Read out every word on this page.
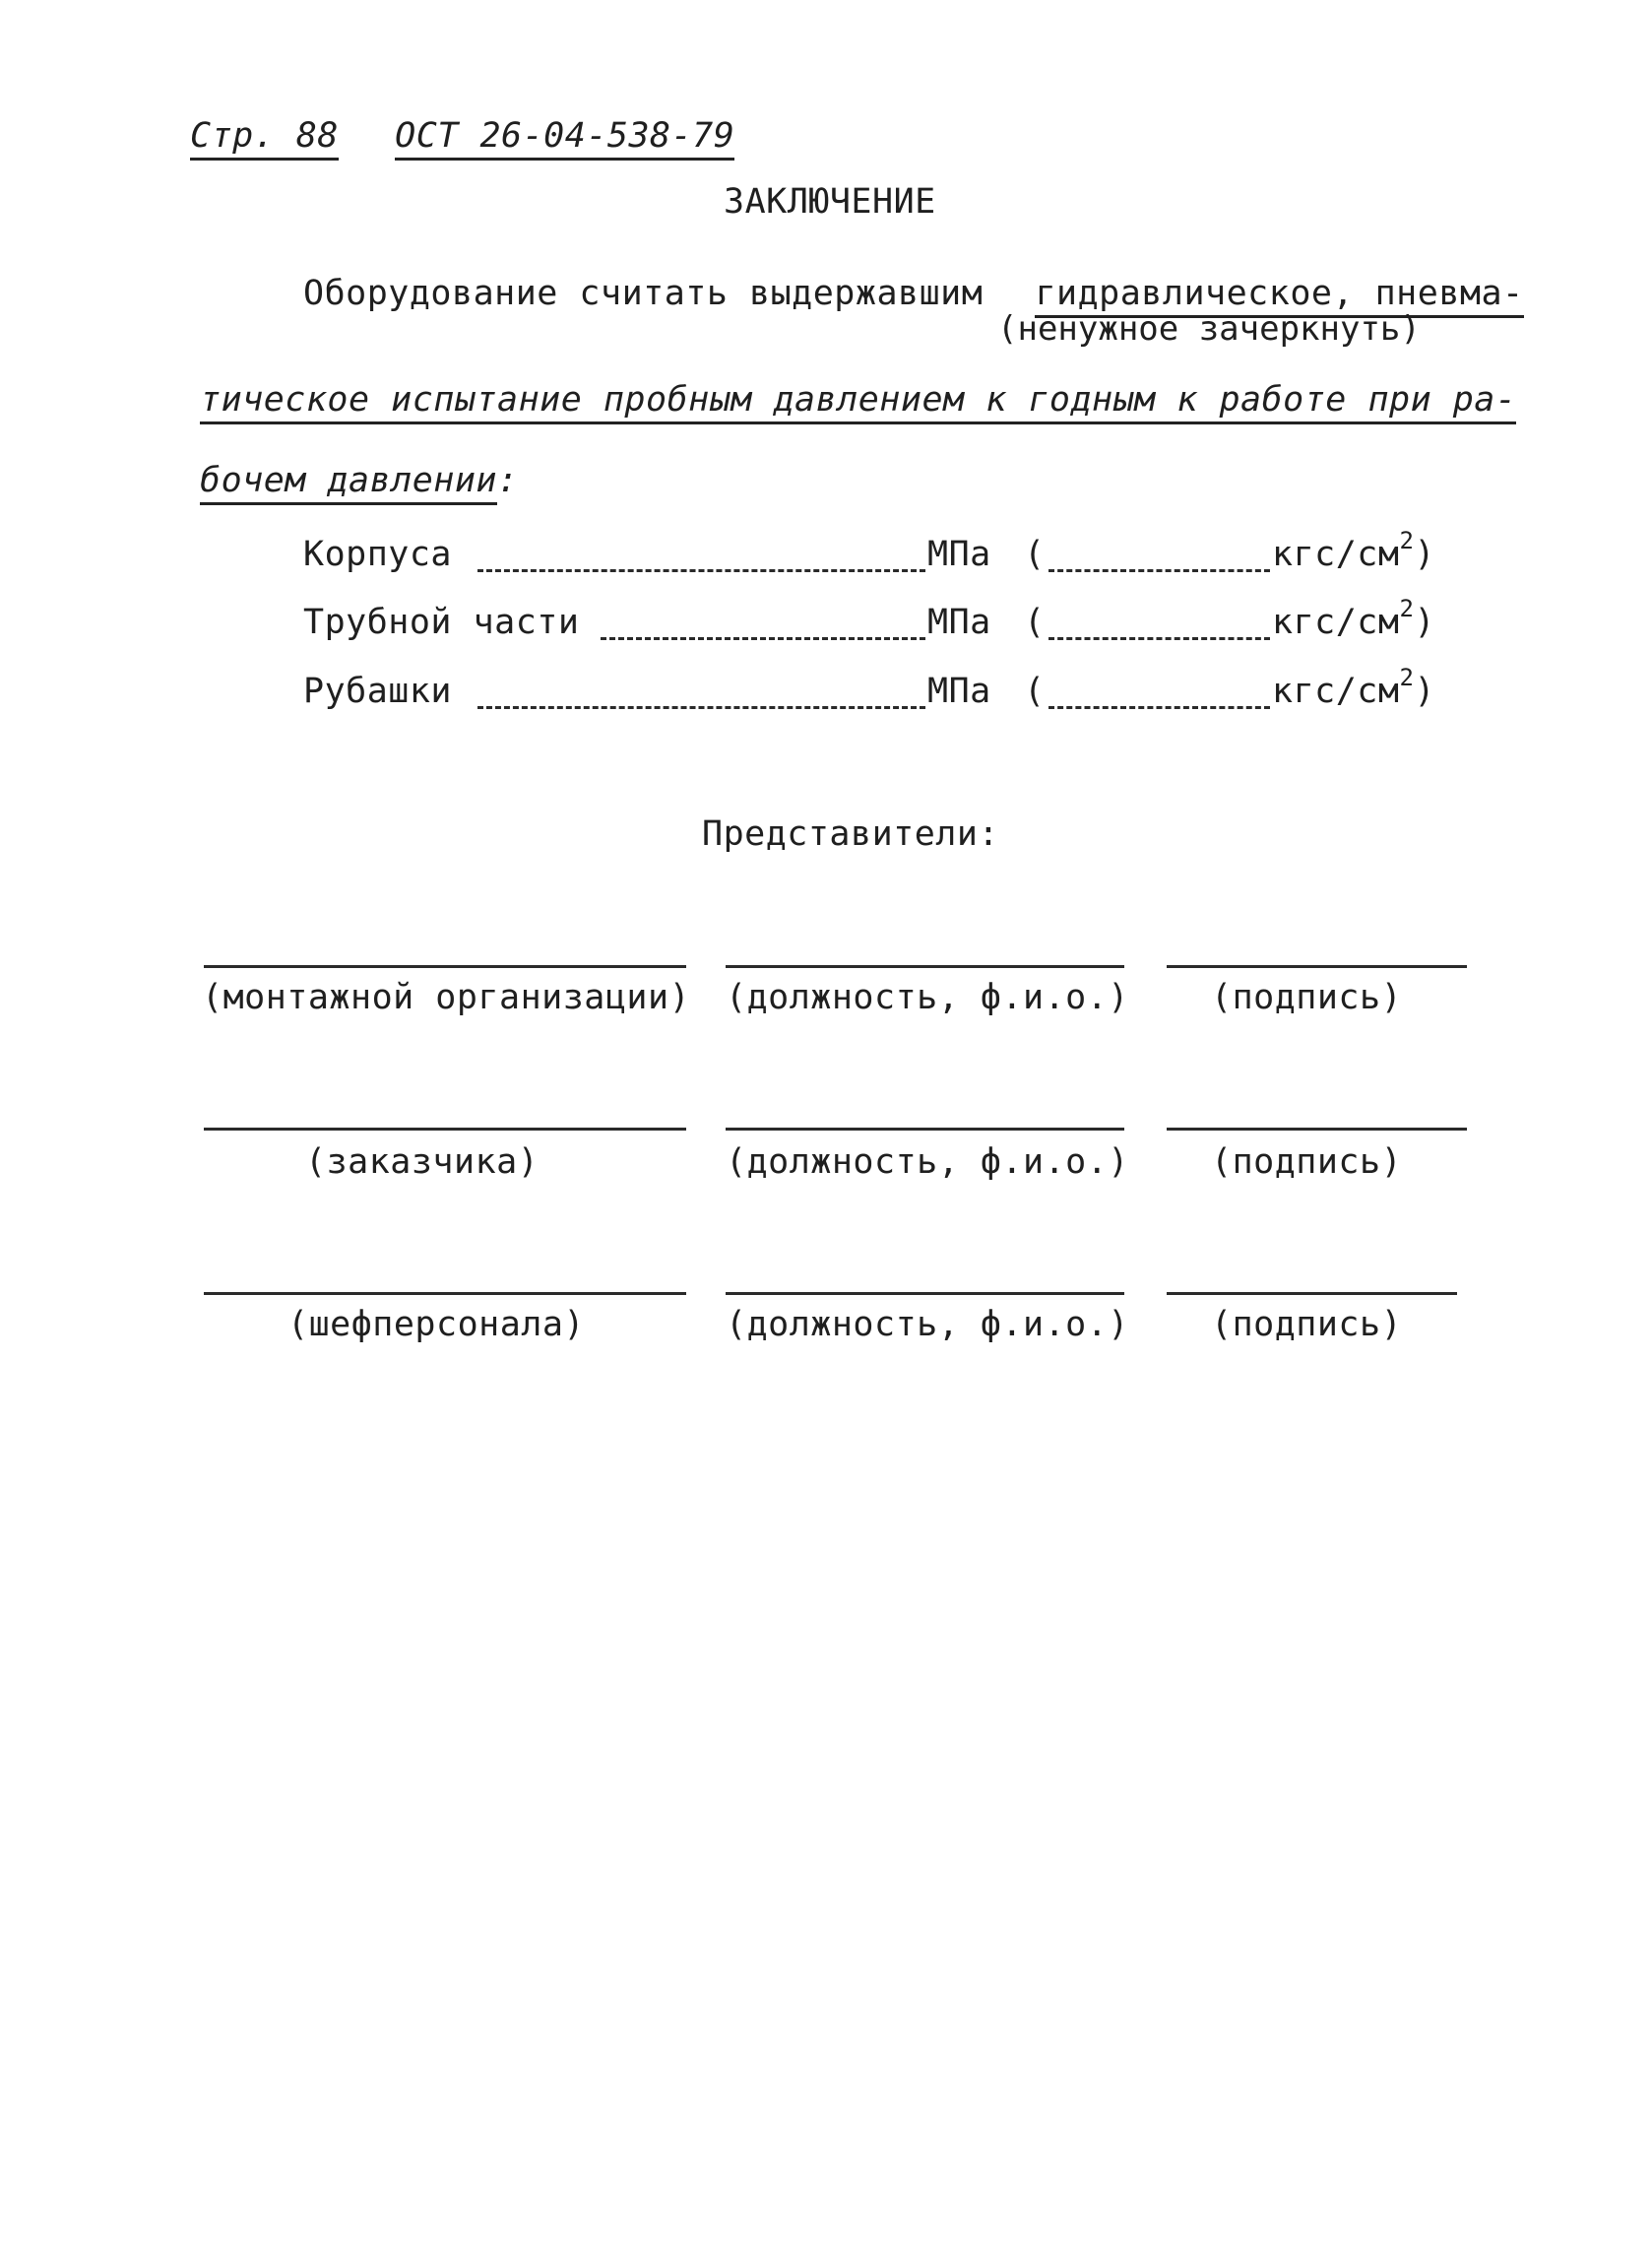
Стр. 88 ОСТ 26-04-538-79
ЗАКЛЮЧЕНИЕ
Оборудование считать выдержавшим гидравлическое, пневма-
(ненужное зачеркнуть)
тическое испытание пробным давлением к годным к работе при ра-
бочем давлении:
Корпуса	МПа (	кгс/$см^2$)
Трубной части	МПа (	кгс/$см^2$)
Рубашки	МПа (	кгс/$см^2$)
Представители:
(монтажной организации) (должность, ф.и.о.) (подпись)
(заказчика)	(должность, ф.и.о.) (подпись)
(шефперсонала)	(должность, ф.и.о.) (подпись)
